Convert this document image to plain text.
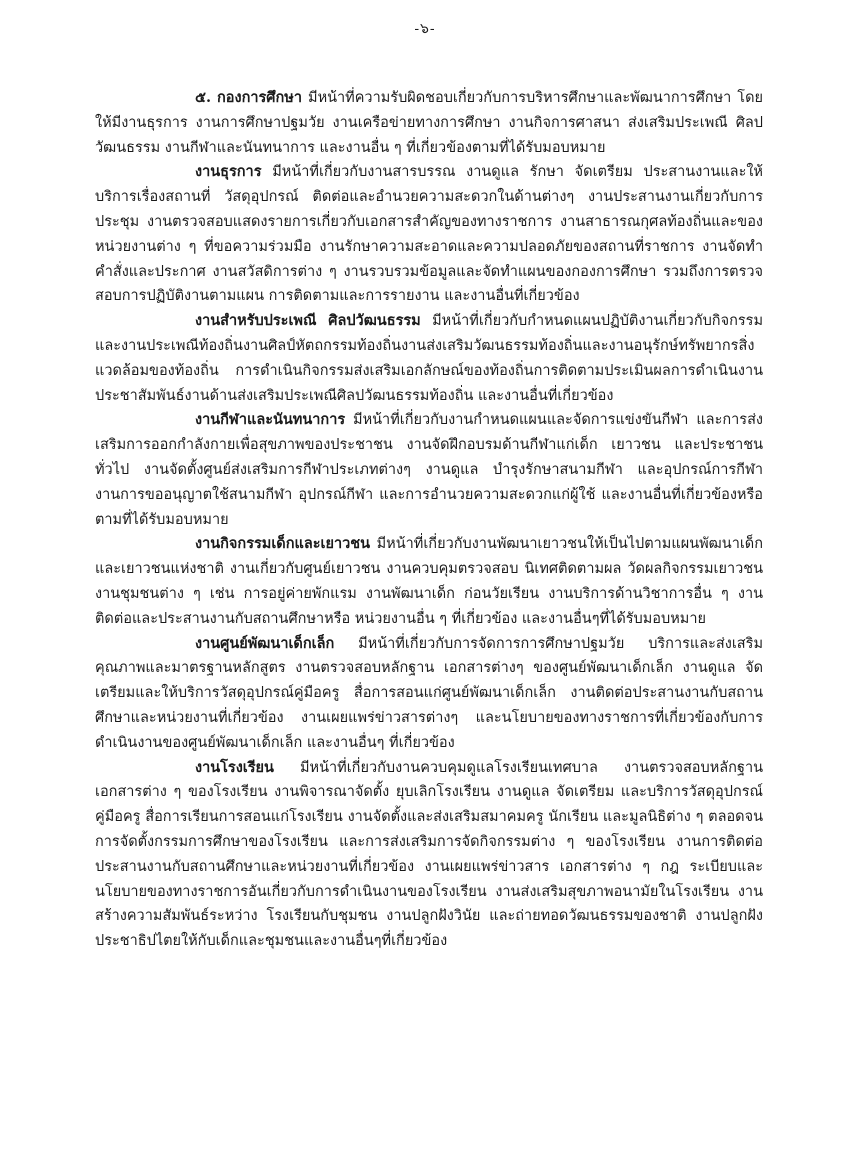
-๖-

๕. กองการศึกษา มีหน้าที่ความรับผิดชอบเกี่ยวกับการบริหารศึกษาและพัฒนาการศึกษา โดยให้มีงานธุรการ งานการศึกษาปฐมวัย งานเครือข่ายทางการศึกษา งานกิจการศาสนา ส่งเสริมประเพณี ศิลปวัฒนธรรม งานกีฬาและนันทนาการ และงานอื่น ๆ ที่เกี่ยวข้องตามที่ได้รับมอบหมาย

งานธุรการ มีหน้าที่เกี่ยวกับงานสารบรรณ งานดูแล รักษา จัดเตรียม ประสานงานและให้บริการเรื่องสถานที่ วัสดุอุปกรณ์ ติดต่อและอำนวยความสะดวกในด้านต่างๆ งานประสานงานเกี่ยวกับการประชุม งานตรวจสอบแสดงรายการเกี่ยวกับเอกสารสำคัญของทางราชการ งานสาธารณกุศลท้องถิ่นและของหน่วยงานต่าง ๆ ที่ขอความร่วมมือ งานรักษาความสะอาดและความปลอดภัยของสถานที่ราชการ งานจัดทำคำสั่งและประกาศ งานสวัสดิการต่าง ๆ งานรวบรวมข้อมูลและจัดทำแผนของกองการศึกษา รวมถึงการตรวจสอบการปฏิบัติงานตามแผน การติดตามและการรายงาน และงานอื่นที่เกี่ยวข้อง

งานสำหรับประเพณี ศิลปวัฒนธรรม มีหน้าที่เกี่ยวกับกำหนดแผนปฏิบัติงานเกี่ยวกับกิจกรรมและงานประเพณีท้องถิ่นงานศิลป์หัตถกรรมท้องถิ่นงานส่งเสริมวัฒนธรรมท้องถิ่นและงานอนุรักษ์ทรัพยากรสิ่งแวดล้อมของท้องถิ่น การดำเนินกิจกรรมส่งเสริมเอกลักษณ์ของท้องถิ่นการติดตามประเมินผลการดำเนินงานประชาสัมพันธ์งานด้านส่งเสริมประเพณีศิลปวัฒนธรรมท้องถิ่น และงานอื่นที่เกี่ยวข้อง

งานกีฬาและนันทนาการ มีหน้าที่เกี่ยวกับงานกำหนดแผนและจัดการแข่งขันกีฬา และการส่งเสริมการออกกำลังกายเพื่อสุขภาพของประชาชน งานจัดฝึกอบรมด้านกีฬาแก่เด็ก เยาวชน และประชาชนทั่วไป งานจัดตั้งศูนย์ส่งเสริมการกีฬาประเภทต่างๆ งานดูแล บำรุงรักษาสนามกีฬา และอุปกรณ์การกีฬา งานการขออนุญาตใช้สนามกีฬา อุปกรณ์กีฬา และการอำนวยความสะดวกแก่ผู้ใช้ และงานอื่นที่เกี่ยวข้องหรือตามที่ได้รับมอบหมาย

งานกิจกรรมเด็กและเยาวชน มีหน้าที่เกี่ยวกับงานพัฒนาเยาวชนให้เป็นไปตามแผนพัฒนาเด็กและเยาวชนแห่งชาติ งานเกี่ยวกับศูนย์เยาวชน งานควบคุมตรวจสอบ นิเทศติดตามผล วัดผลกิจกรรมเยาวชน งานชุมชนต่าง ๆ เช่น การอยู่ค่ายพักแรม งานพัฒนาเด็ก ก่อนวัยเรียน งานบริการด้านวิชาการอื่น ๆ งานติดต่อและประสานงานกับสถานศึกษาหรือ หน่วยงานอื่น ๆ ที่เกี่ยวข้อง และงานอื่นๆที่ได้รับมอบหมาย

งานศูนย์พัฒนาเด็กเล็ก มีหน้าที่เกี่ยวกับการจัดการการศึกษาปฐมวัย บริการและส่งเสริมคุณภาพและมาตรฐานหลักสูตร งานตรวจสอบหลักฐาน เอกสารต่างๆ ของศูนย์พัฒนาเด็กเล็ก งานดูแล จัดเตรียมและให้บริการวัสดุอุปกรณ์คู่มือครู สื่อการสอนแก่ศูนย์พัฒนาเด็กเล็ก งานติดต่อประสานงานกับสถานศึกษาและหน่วยงานที่เกี่ยวข้อง งานเผยแพร่ข่าวสารต่างๆ และนโยบายของทางราชการที่เกี่ยวข้องกับการดำเนินงานของศูนย์พัฒนาเด็กเล็ก และงานอื่นๆ ที่เกี่ยวข้อง

งานโรงเรียน มีหน้าที่เกี่ยวกับงานควบคุมดูแลโรงเรียนเทศบาล งานตรวจสอบหลักฐานเอกสารต่าง ๆ ของโรงเรียน งานพิจารณาจัดตั้ง ยุบเลิกโรงเรียน งานดูแล จัดเตรียม และบริการวัสดุอุปกรณ์ คู่มือครู สื่อการเรียนการสอนแก่โรงเรียน งานจัดตั้งและส่งเสริมสมาคมครู นักเรียน และมูลนิธิต่าง ๆ ตลอดจนการจัดตั้งกรรมการศึกษาของโรงเรียน และการส่งเสริมการจัดกิจกรรมต่าง ๆ ของโรงเรียน งานการติดต่อประสานงานกับสถานศึกษาและหน่วยงานที่เกี่ยวข้อง งานเผยแพร่ข่าวสาร เอกสารต่าง ๆ กฎ ระเบียบและนโยบายของทางราชการอันเกี่ยวกับการดำเนินงานของโรงเรียน งานส่งเสริมสุขภาพอนามัยในโรงเรียน งานสร้างความสัมพันธ์ระหว่าง โรงเรียนกับชุมชน งานปลูกฝังวินัย และถ่ายทอดวัฒนธรรมของชาติ งานปลูกฝังประชาธิปไตยให้กับเด็กและชุมชนและงานอื่นๆที่เกี่ยวข้อง
